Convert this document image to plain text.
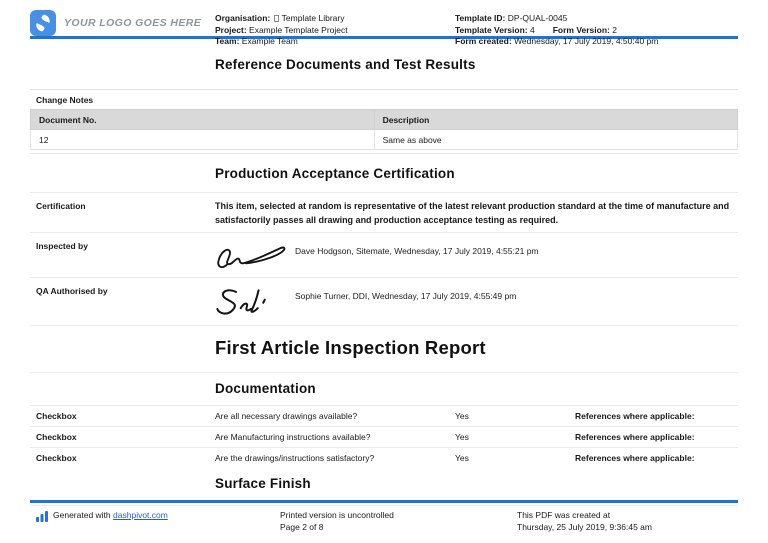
YOUR LOGO GOES HERE Organisation: Template Library
Project: Example Template Project
Team: Example Team
Template ID: DP-QUAL-0045
Template Version: 4 Form Version: 2
Form created: Wednesday, 17 July 2019, 4:50:40 pm
Reference Documents and Test Results
Change Notes
Document No.	Description
12	Same as above
Production Acceptance Certification
Certification	This item, selected at random is representative of the latest relevant production standard at the time of manufacture and satisfactorily passes all drawing and production acceptance testing as required.
Inspected by	Dave Hodgson, Sitemate, Wednesday, 17 July 2019, 4:55:21 pm
QA Authorised by	Sophie Turner, DDI, Wednesday, 17 July 2019, 4:55:49 pm
First Article Inspection Report
Documentation
Checkbox	Are all necessary drawings available?	Yes	References where applicable:
Checkbox	Are Manufacturing instructions available?	Yes	References where applicable:
Checkbox	Are the drawings/instructions satisfactory?	Yes	References where applicable:
Surface Finish
Generated with dashpivot.com	Printed version is uncontrolled
Page 2 of 8
This PDF was created at
Thursday, 25 July 2019, 9:36:45 am
